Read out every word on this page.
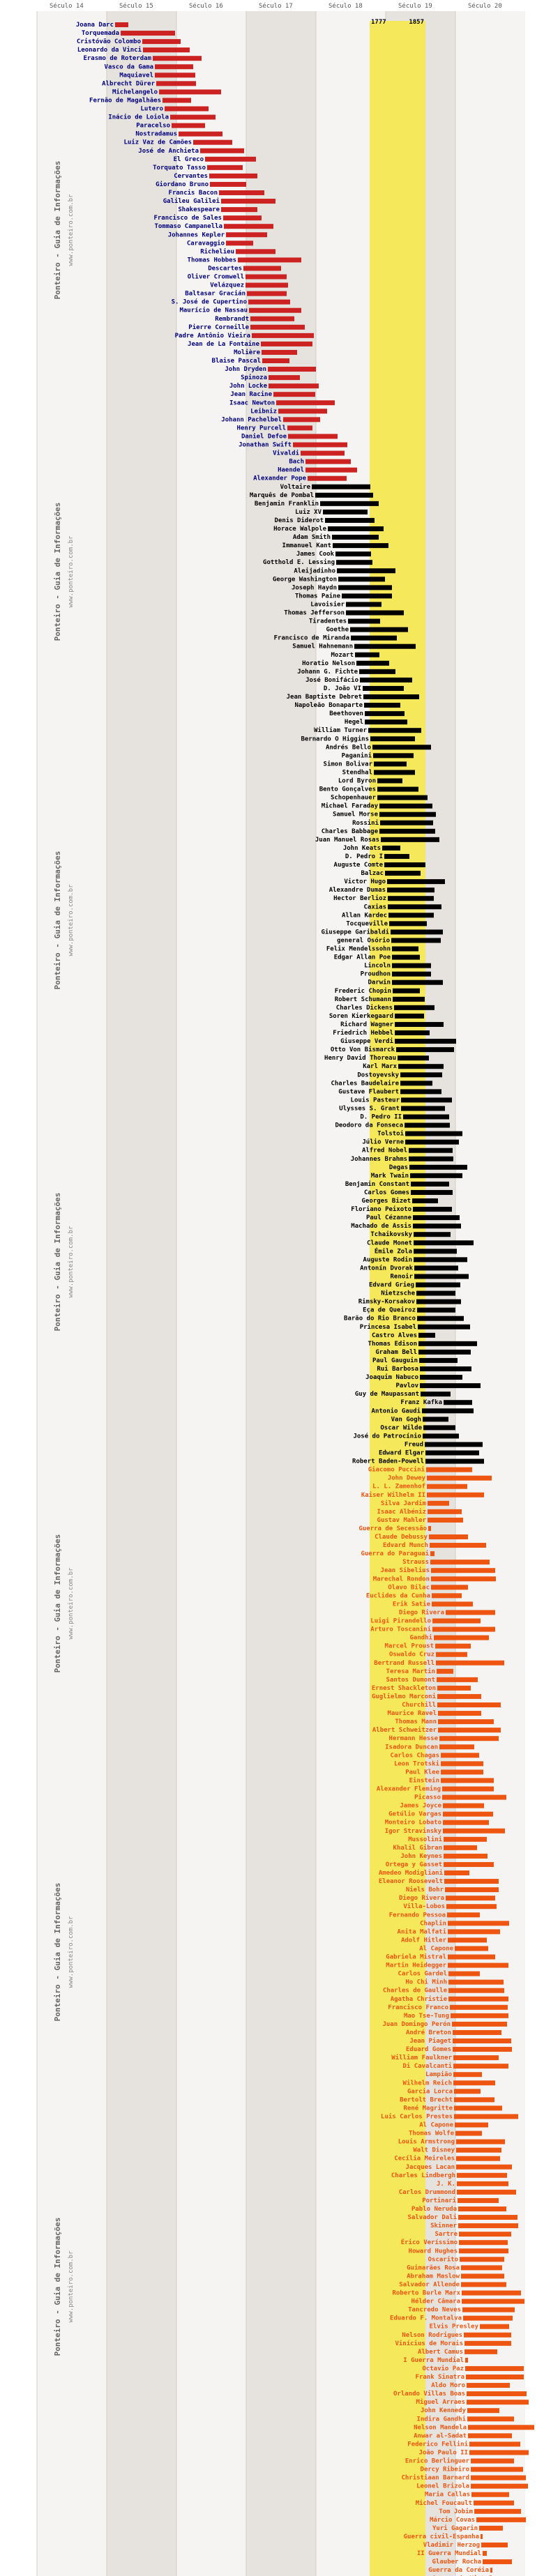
1777	1857
Século 14	Século 15	Século 16	Século 17	Século 18	Século 19	Século 20
Ponteiro - Guia de Informações www.ponteiro.com.br
Ponteiro - Guia de Informações www.ponteiro.com.br
Ponteiro - Guia de Informações www.ponteiro.com.br
Ponteiro - Guia de Informações www.ponteiro.com.br
Ponteiro - Guia de Informações www.ponteiro.com.br
Ponteiro - Guia de Informações www.ponteiro.com.br
Ponteiro - Guia de Informações www.ponteiro.com.br
Joana Darc
Torquemada
Cristóvão Colombo
Leonardo da Vinci
Erasmo de Roterdam
Vasco da Gama
Maquiavel
Albrecht Dürer
Michelangelo
Fernão de Magalhães
Lutero
Inácio de Loiola
Paracelso
Nostradamus
Luiz Vaz de Camões
José de Anchieta
El Greco
Torquato Tasso
Cervantes
Giordano Bruno
Francis Bacon
Galileu Galilei
Shakespeare
Francisco de Sales
Tommaso Campanella
Johannes Kepler
Caravaggio
Richelieu
Thomas Hobbes
Descartes
Oliver Cromwell
Velázquez
Baltasar Gracián
S. José de Cupertino
Maurício de Nassau
Rembrandt
Pierre Corneille
Padre Antônio Vieira
Jean de La Fontaine
Molière
Blaise Pascal
John Dryden
Spinoza
John Locke
Jean Racine
Isaac Newton
Leibniz
Johann Pachelbel
Henry Purcell
Daniel Defoe
Jonathan Swift
Vivaldi
Bach
Haendel
Alexander Pope
Voltaire
Marquês de Pombal
Benjamin Franklin
Luiz XV
Denis Diderot
Horace Walpole
Adam Smith
Immanuel Kant
James Cook
Gotthold E. Lessing
Aleijadinho
George Washington
Joseph Haydn
Thomas Paine
Lavoisier
Thomas Jefferson
Tiradentes
Goethe
Francisco de Miranda
Samuel Hahnemann
Mozart
Horatio Nelson
Johann G. Fichte
José Bonifácio
D. João VI
Jean Baptiste Debret
Napoleão Bonaparte
Beethoven
Hegel
William Turner
Bernardo O Higgins
Andrés Bello
Paganini
Simon Bolivar
Stendhal
Lord Byron
Bento Gonçalves
Schopenhauer
Michael Faraday
Samuel Morse
Rossini
Charles Babbage
Juan Manuel Rosas
John Keats
D. Pedro I
Auguste Comte
Balzac
Victor Hugo
Alexandre Dumas
Hector Berlioz
Caxias
Allan Kardec
Tocqueville
Giuseppe Garibaldi
general Osório
Felix Mendelssohn
Edgar Allan Poe
Lincoln
Proudhon
Darwin
Frederic Chopin
Robert Schumann
Charles Dickens
Soren Kierkegaard
Richard Wagner
Friedrich Hebbel
Giuseppe Verdi
Otto Von Bismarck
Henry David Thoreau
Karl Marx
Dostoyevsky
Charles Baudelaire
Gustave Flaubert
Louis Pasteur
Ulysses S. Grant
D. Pedro II
Deodoro da Fonseca
Tolstoi
Júlio Verne
Alfred Nobel
Johannes Brahms
Degas
Mark Twain
Benjamin Constant
Carlos Gomes
Georges Bizet
Floriano Peixoto
Paul Cézanne
Machado de Assis
Tchaikovsky
Claude Monet
Émile Zola
Auguste Rodin
Antonín Dvorak
Renoir
Edvard Grieg
Nietzsche
Rimsky-Korsakov
Eça de Queiroz
Barão do Rio Branco
Princesa Isabel
Castro Alves
Thomas Edison
Graham Bell
Paul Gauguin
Rui Barbosa
Joaquim Nabuco
Pavlov
Guy de Maupassant
Franz Kafka
Antonio Gaudi
Van Gogh
Oscar Wilde
José do Patrocínio
Freud
Edward Elgar
Robert Baden-Powell
Giacomo Puccini
John Dewey
L. L. Zamenhof
Kaiser Wilhelm II
Silva Jardim
Isaac Albéniz
Gustav Mahler
Guerra de Secessão
Claude Debussy
Edvard Munch
Guerra do Paraguai
Strauss
Jean Sibelius
Marechal Rondon
Olavo Bilac
Euclides da Cunha
Erik Satie
Diego Rivera
Luigi Pirandello
Arturo Toscanini
Gandhi
Marcel Proust
Oswaldo Cruz
Bertrand Russell
Teresa Martin
Santos Dumont
Ernest Shackleton
Guglielmo Marconi
Churchill
Maurice Ravel
Thomas Mann
Albert Schweitzer
Hermann Hesse
Isadora Duncan
Carlos Chagas
Leon Trotski
Paul Klee
Einstein
Alexander Fleming
Picasso
James Joyce
Getúlio Vargas
Monteiro Lobato
Igor Stravinsky
Mussolini
Khalil Gibran
John Keynes
Ortega y Gasset
Amedeo Modigliani
Eleanor Roosevelt
Niels Bohr
Diego Rivera
Villa-Lobos
Fernando Pessoa
Chaplin
Anita Malfati
Adolf Hitler
Al Capone
Gabriela Mistral
Martin Heidegger
Carlos Gardel
Ho Chi Minh
Charles de Gaulle
Agatha Christie
Francisco Franco
Mao Tse-Tung
Juan Domingo Perón
André Breton
Jean Piaget
Eduard Gomes
William Faulkner
Di Cavalcanti
Lampião
Wilhelm Reich
Garcia Lorca
Bertolt Brecht
René Magritte
Luis Carlos Prestes
Al Capone
Thomas Wolfe
Louis Armstrong
Walt Disney
Cecília Meireles
Jacques Lacan
Charles Lindbergh
J. K.
Carlos Drummond
Portinari
Pablo Neruda
Salvador Dali
Skinner
Sartre
Érico Veríssimo
Howard Hughes
Oscarito
Guimarães Rosa
Abraham Maslow
Salvador Allende
Roberto Burle Marx
Hélder Câmara
Tancredo Neves
Eduardo F. Montalva
Elvis Presley
Nelson Rodrigues
Vinícius de Morais
Albert Camus
I Guerra Mundial
Octavio Paz
Frank Sinatra
Aldo Moro
Orlando Villas Boas
Miguel Arraes
John Kennedy
Indira Gandhi
Nelson Mandela
Anwar al-Sadat
Federico Fellini
João Paulo II
Enrico Berlinguer
Dercy Ribeiro
Christiaan Barnard
Leonel Brizola
Maria Callas
Michel Foucault
Tom Jobim
Márcio Covas
Yuri Gagarin
Guerra civil-Espanha
Vladimir Herzog
II Guerra Mundial
Glauber Rocha
Guerra da Coréia
